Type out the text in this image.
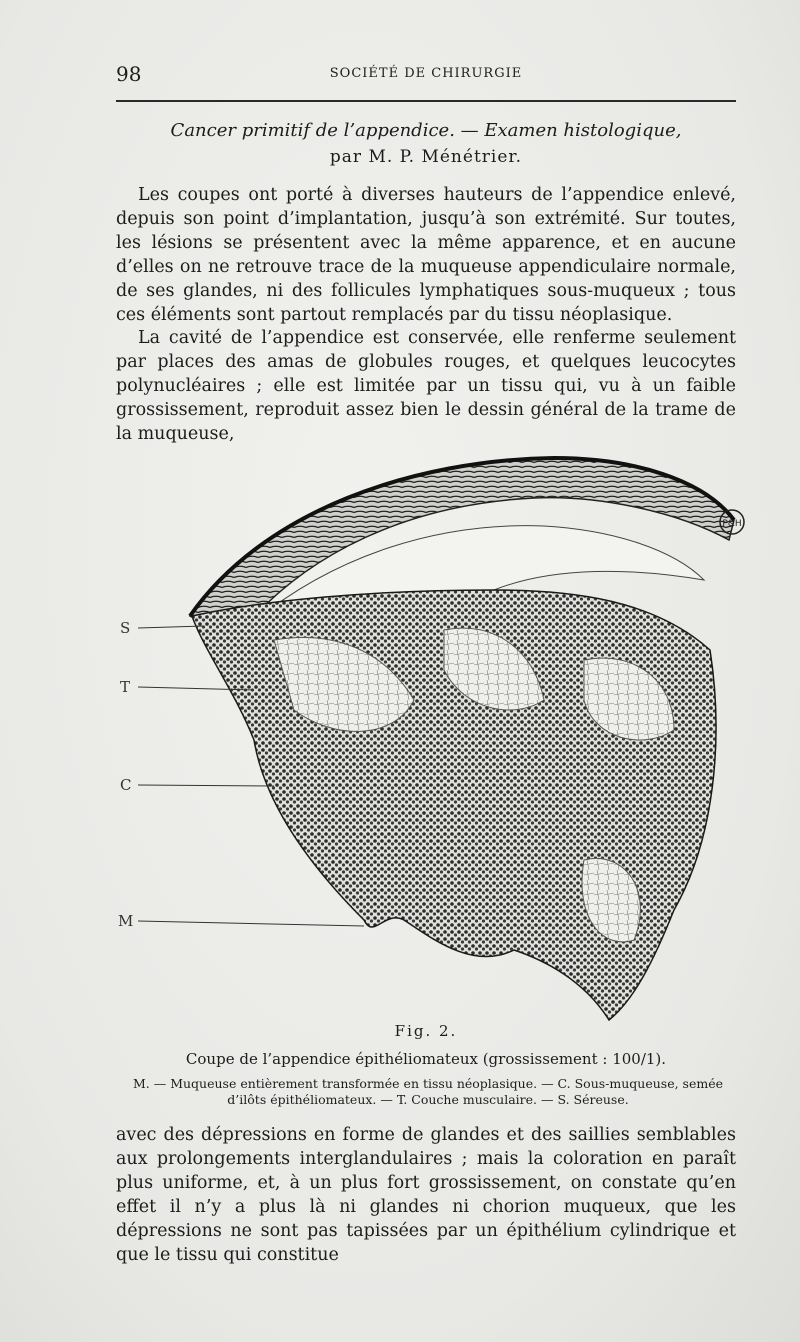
98	SOCIÉTÉ DE CHIRURGIE
Cancer primitif de l’appendice. — Examen histologique,
par M. P. Ménétrier.

Les coupes ont porté à diverses hauteurs de l’appendice enlevé, depuis son point d’implantation, jusqu’à son extrémité. Sur toutes, les lésions se présentent avec la même apparence, et en aucune d’elles on ne retrouve trace de la muqueuse appendiculaire normale, de ses glandes, ni des follicules lymphatiques sous-muqueux ; tous ces éléments sont partout remplacés par du tissu néoplasique.

La cavité de l’appendice est conservée, elle renferme seulement par places des amas de globules rouges, et quelques leucocytes polynucléaires ; elle est limitée par un tissu qui, vu à un faible grossissement, reproduit assez bien le dessin général de la trame de la muqueuse,

P&H
S
T
C
M
Fig. 2.
Coupe de l’appendice épithéliomateux (grossissement : 100/1).
M. — Muqueuse entièrement transformée en tissu néoplasique. — C. Sous-muqueuse, semée d’ilôts épithéliomateux. — T. Couche musculaire. — S. Séreuse.

avec des dépressions en forme de glandes et des saillies semblables aux prolongements interglandulaires ; mais la coloration en paraît plus uniforme, et, à un plus fort grossissement, on constate qu’en effet il n’y a plus là ni glandes ni chorion muqueux, que les dépressions ne sont pas tapissées par un épithélium cylindrique et que le tissu qui constitue
